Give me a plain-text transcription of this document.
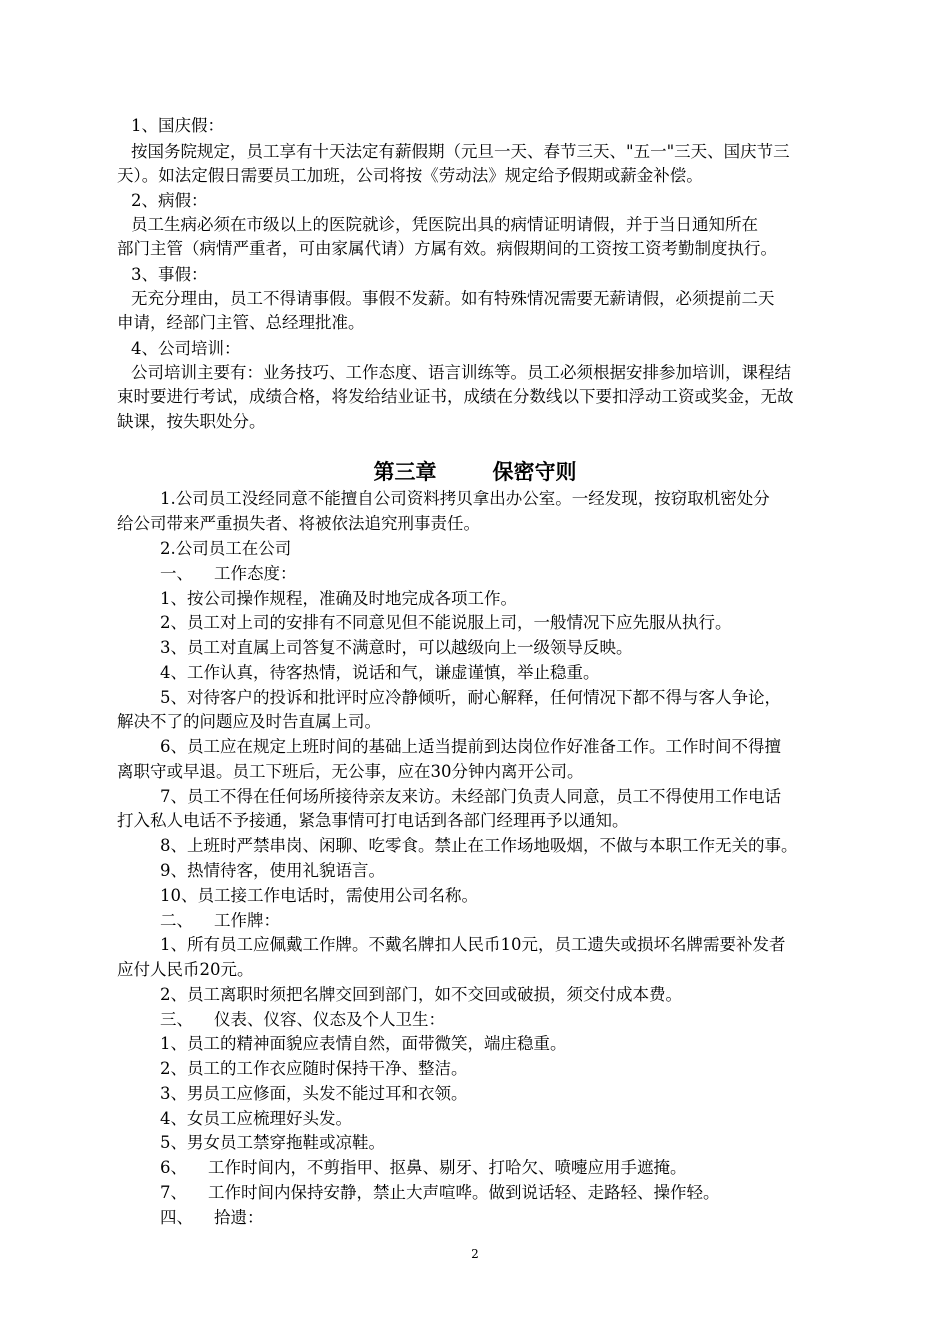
1、国庆假：
按国务院规定，员工享有十天法定有薪假期（元旦一天、春节三天、"五一"三天、国庆节三
天）。如法定假日需要员工加班，公司将按《劳动法》规定给予假期或薪金补偿。
2、病假：
员工生病必须在市级以上的医院就诊，凭医院出具的病情证明请假，并于当日通知所在
部门主管（病情严重者，可由家属代请）方属有效。病假期间的工资按工资考勤制度执行。
3、事假：
无充分理由，员工不得请事假。事假不发薪。如有特殊情况需要无薪请假，必须提前二天
申请，经部门主管、总经理批准。
4、公司培训：
公司培训主要有：业务技巧、工作态度、语言训练等。员工必须根据安排参加培训，课程结
束时要进行考试，成绩合格，将发给结业证书，成绩在分数线以下要扣浮动工资或奖金，无故
缺课，按失职处分。
第三章	保密守则
1.公司员工没经同意不能擅自公司资料拷贝拿出办公室。一经发现，按窃取机密处分
给公司带来严重损失者、将被依法追究刑事责任。
2.公司员工在公司
一、    工作态度：
1、按公司操作规程，准确及时地完成各项工作。
2、员工对上司的安排有不同意见但不能说服上司，一般情况下应先服从执行。
3、员工对直属上司答复不满意时，可以越级向上一级领导反映。
4、工作认真，待客热情，说话和气，谦虚谨慎，举止稳重。
5、对待客户的投诉和批评时应冷静倾听，耐心解释，任何情况下都不得与客人争论，
解决不了的问题应及时告直属上司。
6、员工应在规定上班时间的基础上适当提前到达岗位作好准备工作。工作时间不得擅
离职守或早退。员工下班后，无公事，应在30分钟内离开公司。
7、员工不得在任何场所接待亲友来访。未经部门负责人同意，员工不得使用工作电话
打入私人电话不予接通，紧急事情可打电话到各部门经理再予以通知。
8、上班时严禁串岗、闲聊、吃零食。禁止在工作场地吸烟，不做与本职工作无关的事。
9、热情待客，使用礼貌语言。
10、员工接工作电话时，需使用公司名称。
二、    工作牌：
1、所有员工应佩戴工作牌。不戴名牌扣人民币10元，员工遗失或损坏名牌需要补发者
应付人民币20元。
2、员工离职时须把名牌交回到部门，如不交回或破损，须交付成本费。
三、    仪表、仪容、仪态及个人卫生：
1、员工的精神面貌应表情自然，面带微笑，端庄稳重。
2、员工的工作衣应随时保持干净、整洁。
3、男员工应修面，头发不能过耳和衣领。
4、女员工应梳理好头发。
5、男女员工禁穿拖鞋或凉鞋。
6、    工作时间内，不剪指甲、抠鼻、剔牙、打哈欠、喷嚏应用手遮掩。
7、    工作时间内保持安静，禁止大声喧哗。做到说话轻、走路轻、操作轻。
四、    拾遗：
2
